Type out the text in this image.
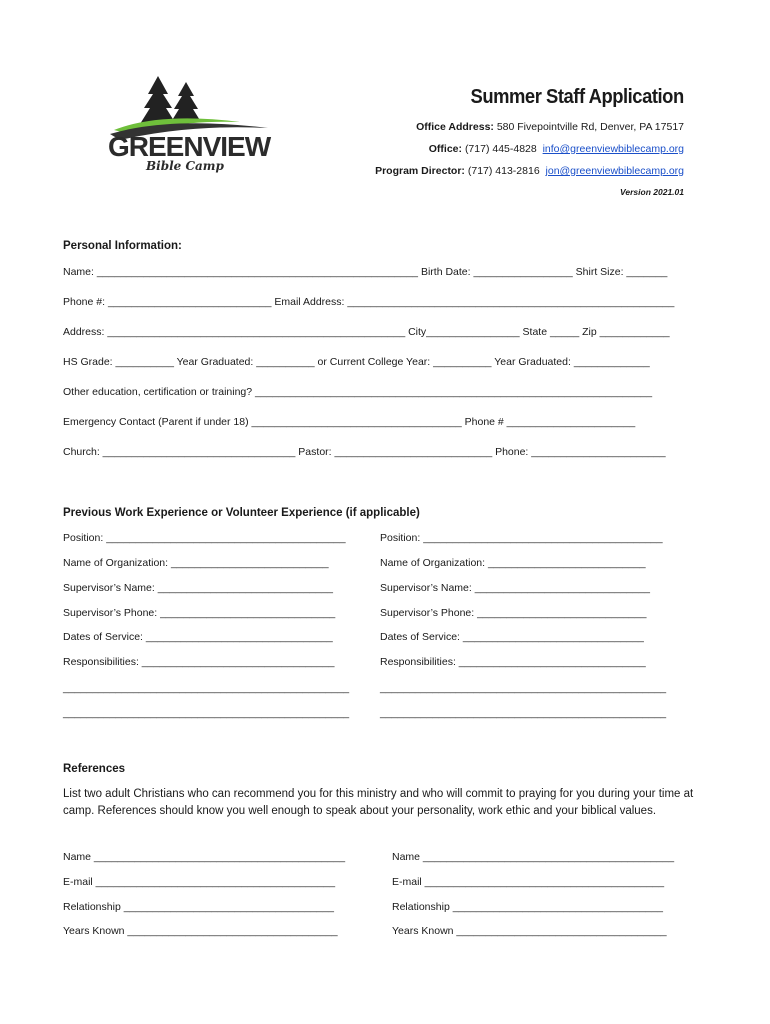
GREENVIEW
Bible Camp
Summer Staff Application
Office Address: 580 Fivepointville Rd, Denver, PA 17517
Office: (717) 445-4828 info@greenviewbiblecamp.org
Program Director: (717) 413-2816 jon@greenviewbiblecamp.org
Version 2021.01
Personal Information:
Name: _______________________________________________________ Birth Date: _________________ Shirt Size: _______
Phone #: ____________________________ Email Address: ________________________________________________________
Address: ___________________________________________________ City________________ State _____ Zip ____________
HS Grade: __________ Year Graduated: __________ or Current College Year: __________ Year Graduated: _____________
Other education, certification or training? ____________________________________________________________________
Emergency Contact (Parent if under 18) ____________________________________ Phone # ______________________
Church: _________________________________ Pastor: ___________________________ Phone: _______________________
Previous Work Experience or Volunteer Experience (if applicable)
Position: _________________________________________
Name of Organization: ___________________________
Supervisor’s Name: ______________________________
Supervisor’s Phone: ______________________________
Dates of Service: ________________________________
Responsibilities: _________________________________
_________________________________________________
_________________________________________________
Position: _________________________________________
Name of Organization: ___________________________
Supervisor’s Name: ______________________________
Supervisor’s Phone: _____________________________
Dates of Service: _______________________________
Responsibilities: ________________________________
_________________________________________________
_________________________________________________
References
List two adult Christians who can recommend you for this ministry and who will commit to praying for you during your time at camp. References should know you well enough to speak about your personality, work ethic and your biblical values.
Name ___________________________________________
E-mail _________________________________________
Relationship ____________________________________
Years Known ____________________________________
Name ___________________________________________
E-mail _________________________________________
Relationship ____________________________________
Years Known ____________________________________
